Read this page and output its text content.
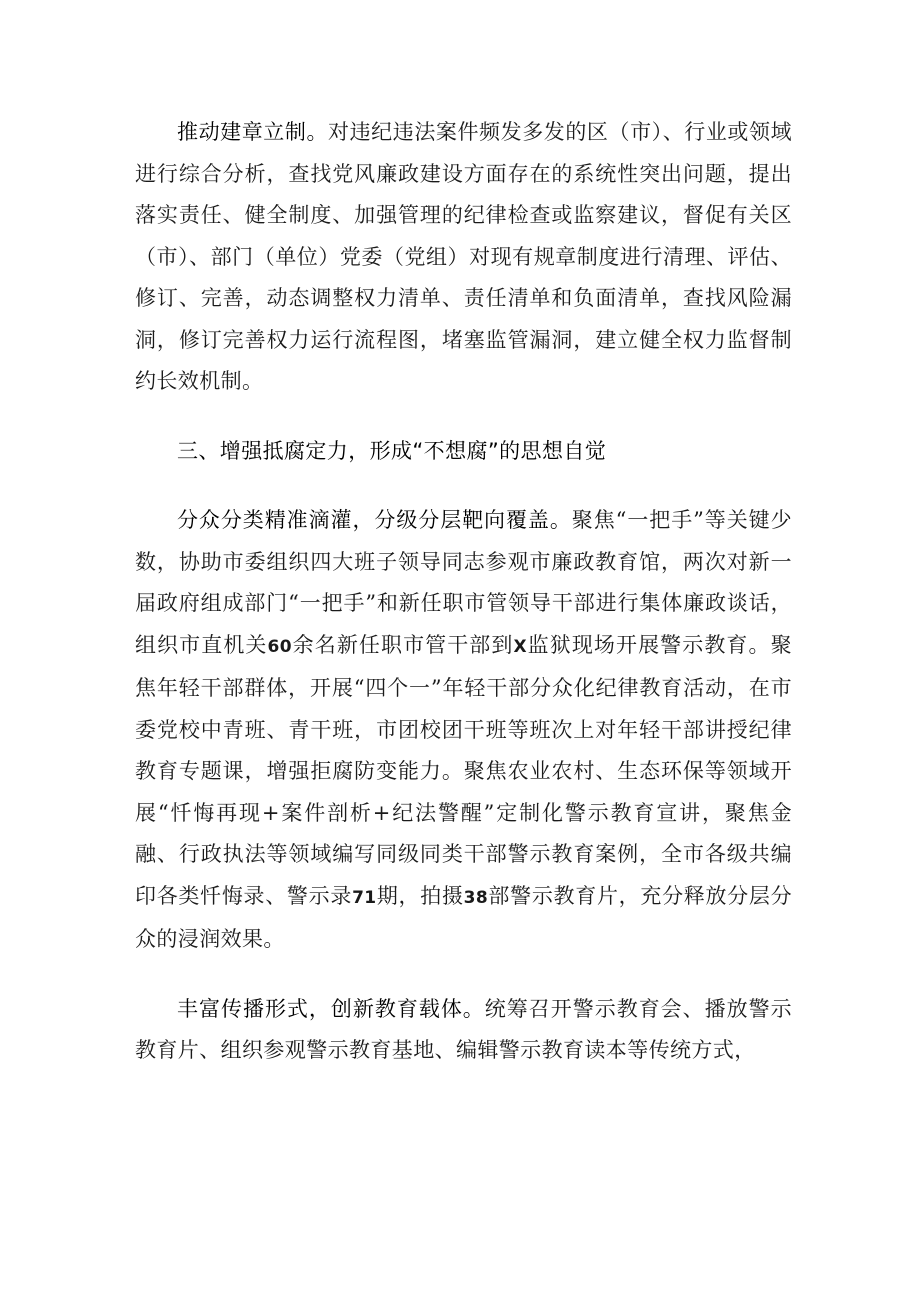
推动建章立制。对违纪违法案件频发多发的区（市）、行业或领域进行综合分析，查找党风廉政建设方面存在的系统性突出问题，提出落实责任、健全制度、加强管理的纪律检查或监察建议，督促有关区（市）、部门（单位）党委（党组）对现有规章制度进行清理、评估、修订、完善，动态调整权力清单、责任清单和负面清单，查找风险漏洞，修订完善权力运行流程图，堵塞监管漏洞，建立健全权力监督制约长效机制。

三、增强抵腐定力，形成“不想腐”的思想自觉

分众分类精准滴灌，分级分层靶向覆盖。聚焦“一把手”等关键少数，协助市委组织四大班子领导同志参观市廉政教育馆，两次对新一届政府组成部门“一把手”和新任职市管领导干部进行集体廉政谈话，组织市直机关60余名新任职市管干部到X监狱现场开展警示教育。聚焦年轻干部群体，开展“四个一”年轻干部分众化纪律教育活动，在市委党校中青班、青干班，市团校团干班等班次上对年轻干部讲授纪律教育专题课，增强拒腐防变能力。聚焦农业农村、生态环保等领域开展“忏悔再现+案件剖析+纪法警醒”定制化警示教育宣讲，聚焦金融、行政执法等领域编写同级同类干部警示教育案例，全市各级共编印各类忏悔录、警示录71期，拍摄38部警示教育片，充分释放分层分众的浸润效果。

丰富传播形式，创新教育载体。统筹召开警示教育会、播放警示教育片、组织参观警示教育基地、编辑警示教育读本等传统方式，
